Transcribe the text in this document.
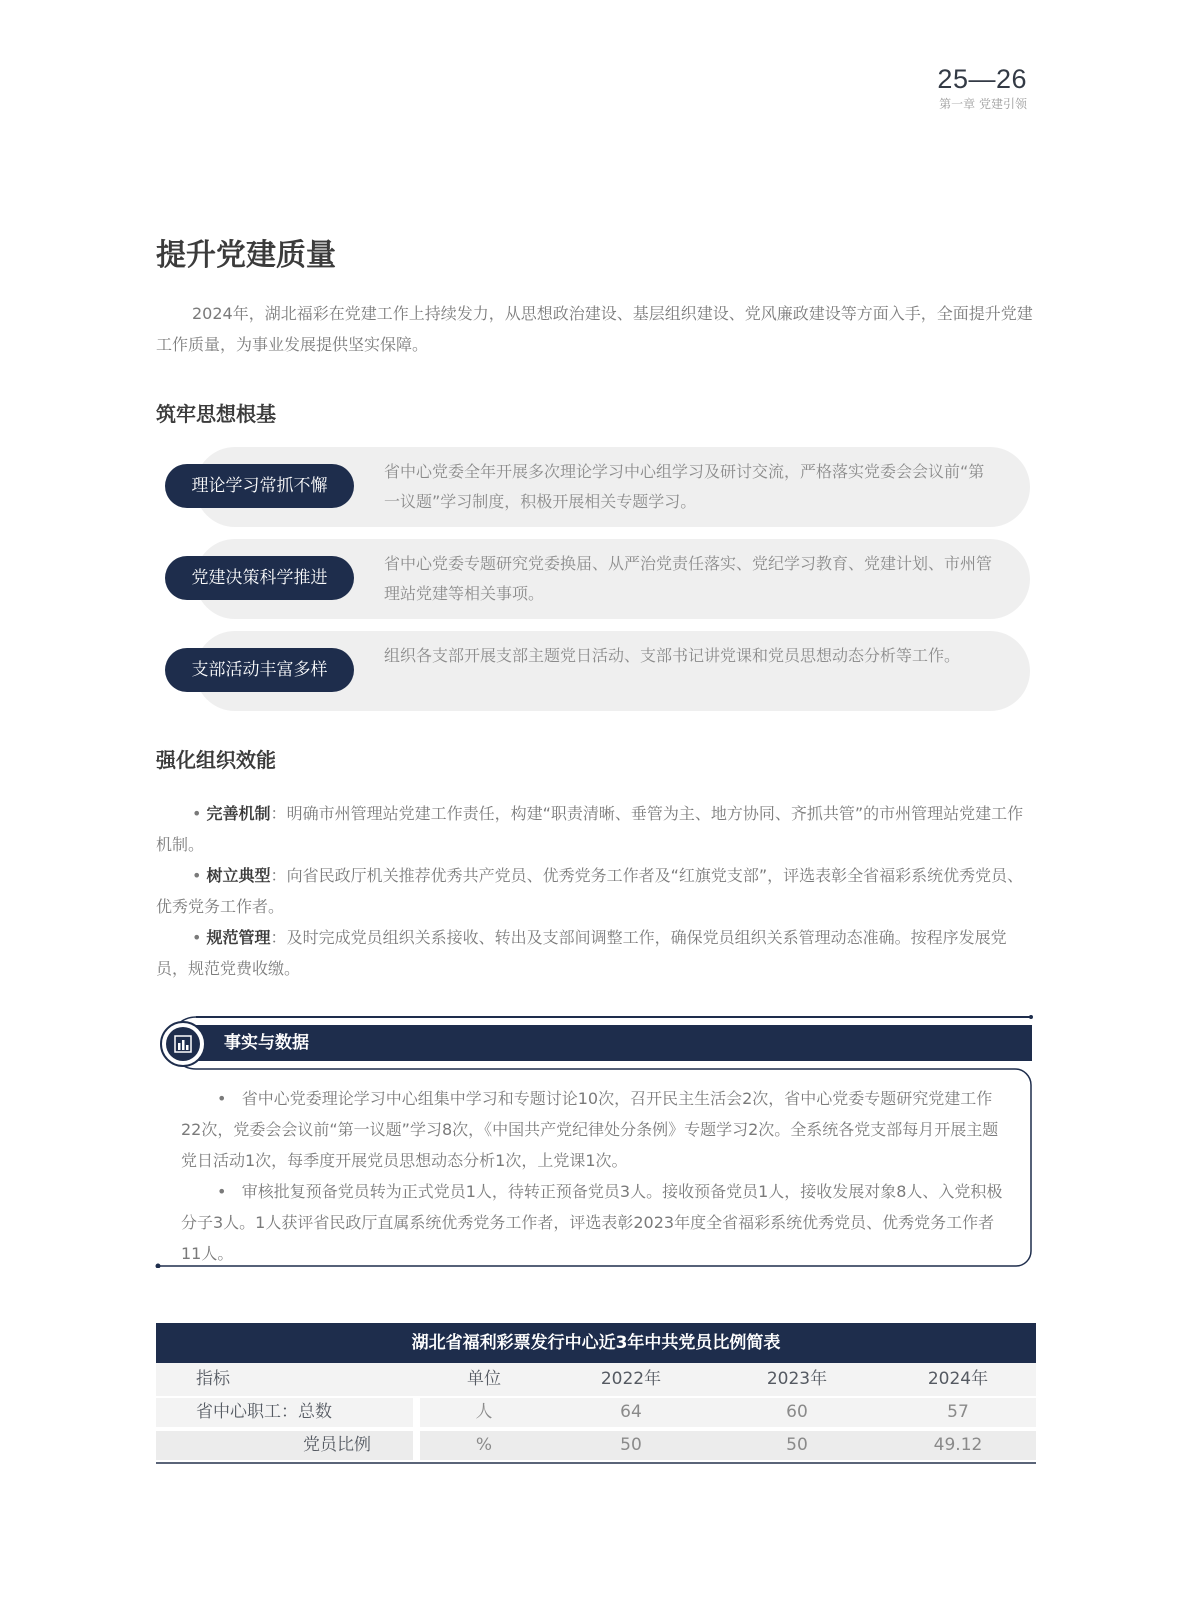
25—26
第一章 党建引领
提升党建质量

2024年，湖北福彩在党建工作上持续发力，从思想政治建设、基层组织建设、党风廉政建设等方面入手，全面提升党建工作质量，为事业发展提供坚实保障。

筑牢思想根基
理论学习常抓不懈
省中心党委全年开展多次理论学习中心组学习及研讨交流，严格落实党委会会议前“第一议题”学习制度，积极开展相关专题学习。
党建决策科学推进
省中心党委专题研究党委换届、从严治党责任落实、党纪学习教育、党建计划、市州管理站党建等相关事项。
支部活动丰富多样
组织各支部开展支部主题党日活动、支部书记讲党课和党员思想动态分析等工作。
强化组织效能

• 完善机制：明确市州管理站党建工作责任，构建“职责清晰、垂管为主、地方协同、齐抓共管”的市州管理站党建工作机制。

• 树立典型：向省民政厅机关推荐优秀共产党员、优秀党务工作者及“红旗党支部”，评选表彰全省福彩系统优秀党员、优秀党务工作者。

• 规范管理：及时完成党员组织关系接收、转出及支部间调整工作，确保党员组织关系管理动态准确。按程序发展党员，规范党费收缴。

事实与数据

•   省中心党委理论学习中心组集中学习和专题讨论10次，召开民主生活会2次，省中心党委专题研究党建工作22次，党委会会议前“第一议题”学习8次，《中国共产党纪律处分条例》专题学习2次。全系统各党支部每月开展主题党日活动1次，每季度开展党员思想动态分析1次，上党课1次。

•   审核批复预备党员转为正式党员1人，待转正预备党员3人。接收预备党员1人，接收发展对象8人、入党积极分子3人。1人获评省民政厅直属系统优秀党务工作者，评选表彰2023年度全省福彩系统优秀党员、优秀党务工作者11人。

湖北省福利彩票发行中心近3年中共党员比例简表
指标	单位	2022年	2023年	2024年
省中心职工：总数	人	64	60	57
党员比例	%	50	50	49.12
